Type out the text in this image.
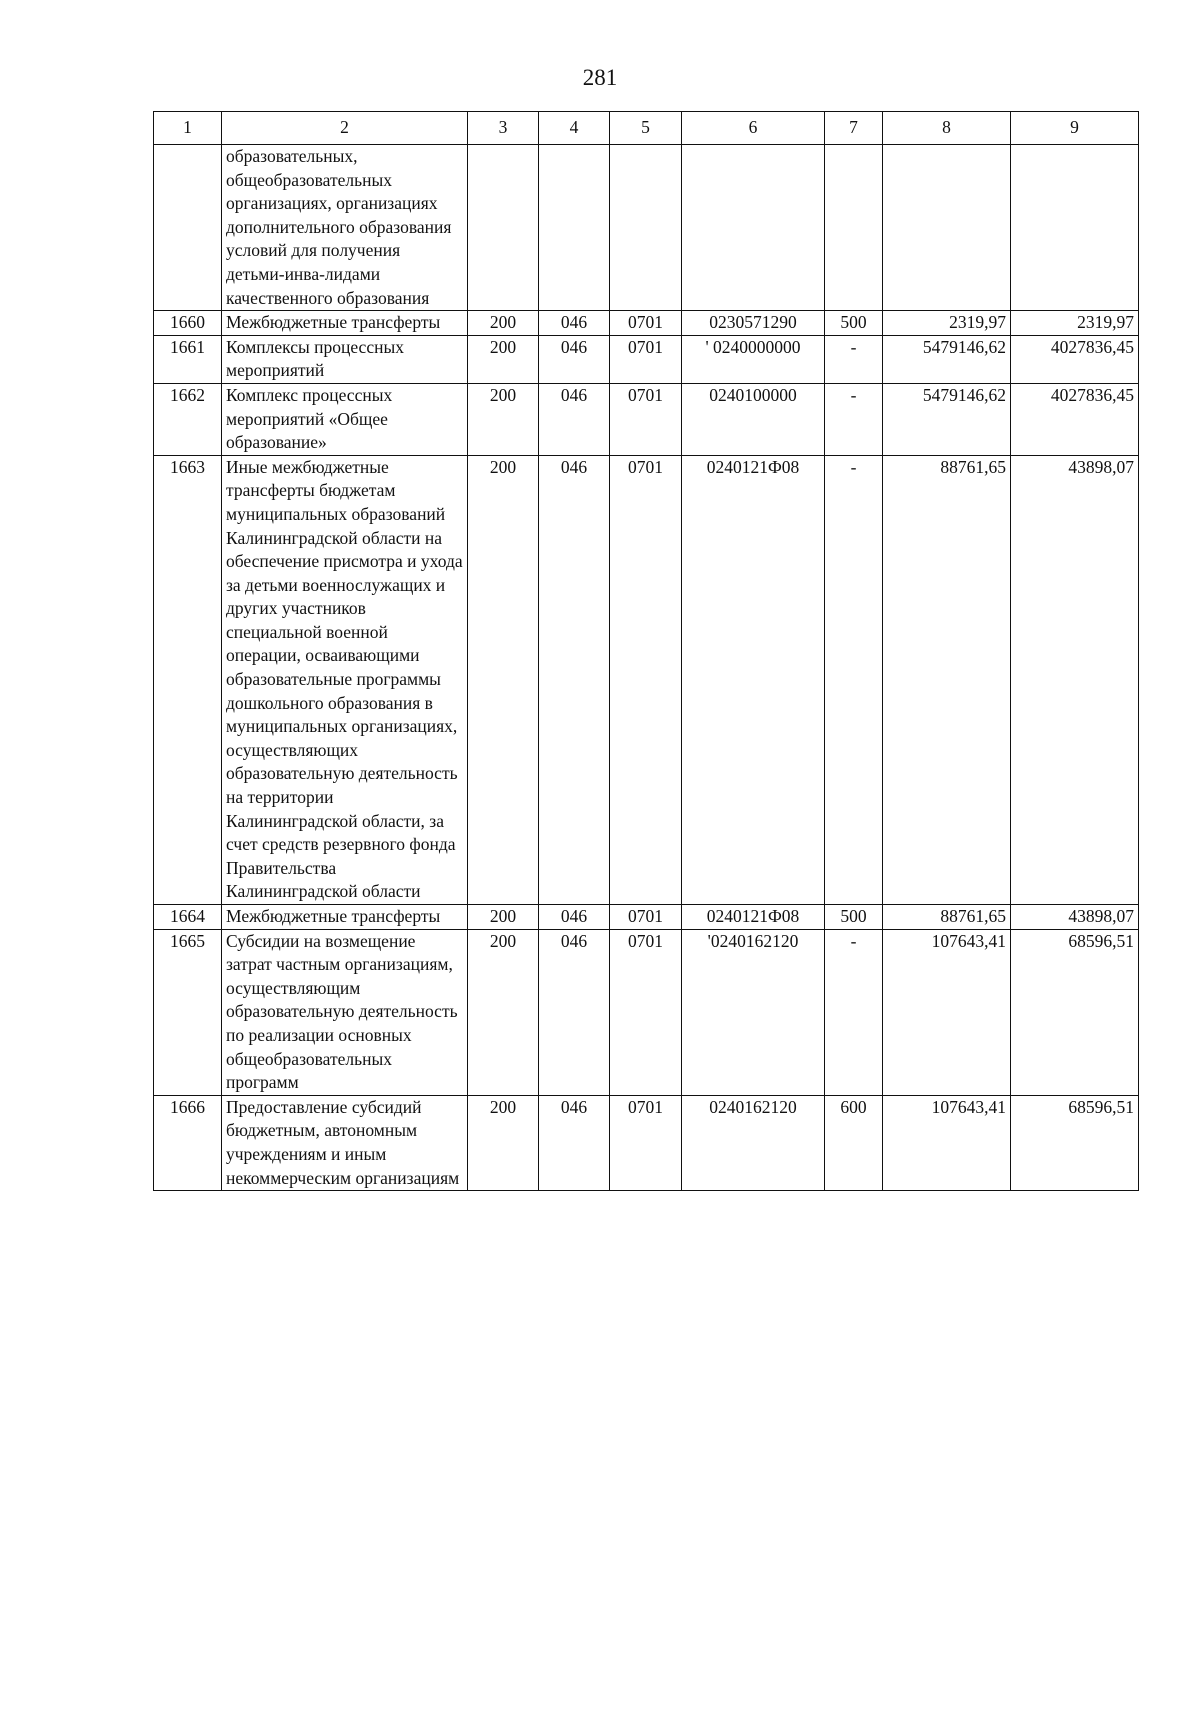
281
1	2	3	4	5	6	7	8	9
	образовательных, общеобразовательных организациях, организациях дополнительного образования условий для получения детьми-инва-лидами качественного образования							
1660	Межбюджетные трансферты	200	046	0701	0230571290	500	2319,97	2319,97
1661	Комплексы процессных мероприятий	200	046	0701	' 0240000000	-	5479146,62	4027836,45
1662	Комплекс процессных мероприятий «Общее образование»	200	046	0701	0240100000	-	5479146,62	4027836,45
1663	Иные межбюджетные трансферты бюджетам муниципальных образований Калининградской области на обеспечение присмотра и ухода за детьми военнослужащих и других участников специальной военной операции, осваивающими образовательные программы дошкольного образования в муниципальных организациях, осуществляющих образовательную деятельность на территории Калининградской области, за счет средств резервного фонда Правительства Калининградской области	200	046	0701	0240121Ф08	-	88761,65	43898,07
1664	Межбюджетные трансферты	200	046	0701	0240121Ф08	500	88761,65	43898,07
1665	Субсидии на возмещение затрат частным организациям, осуществляющим образовательную деятельность по реализации основных общеобразовательных программ	200	046	0701	'0240162120	-	107643,41	68596,51
1666	Предоставление субсидий бюджетным, автономным учреждениям и иным некоммерческим организациям	200	046	0701	0240162120	600	107643,41	68596,51
